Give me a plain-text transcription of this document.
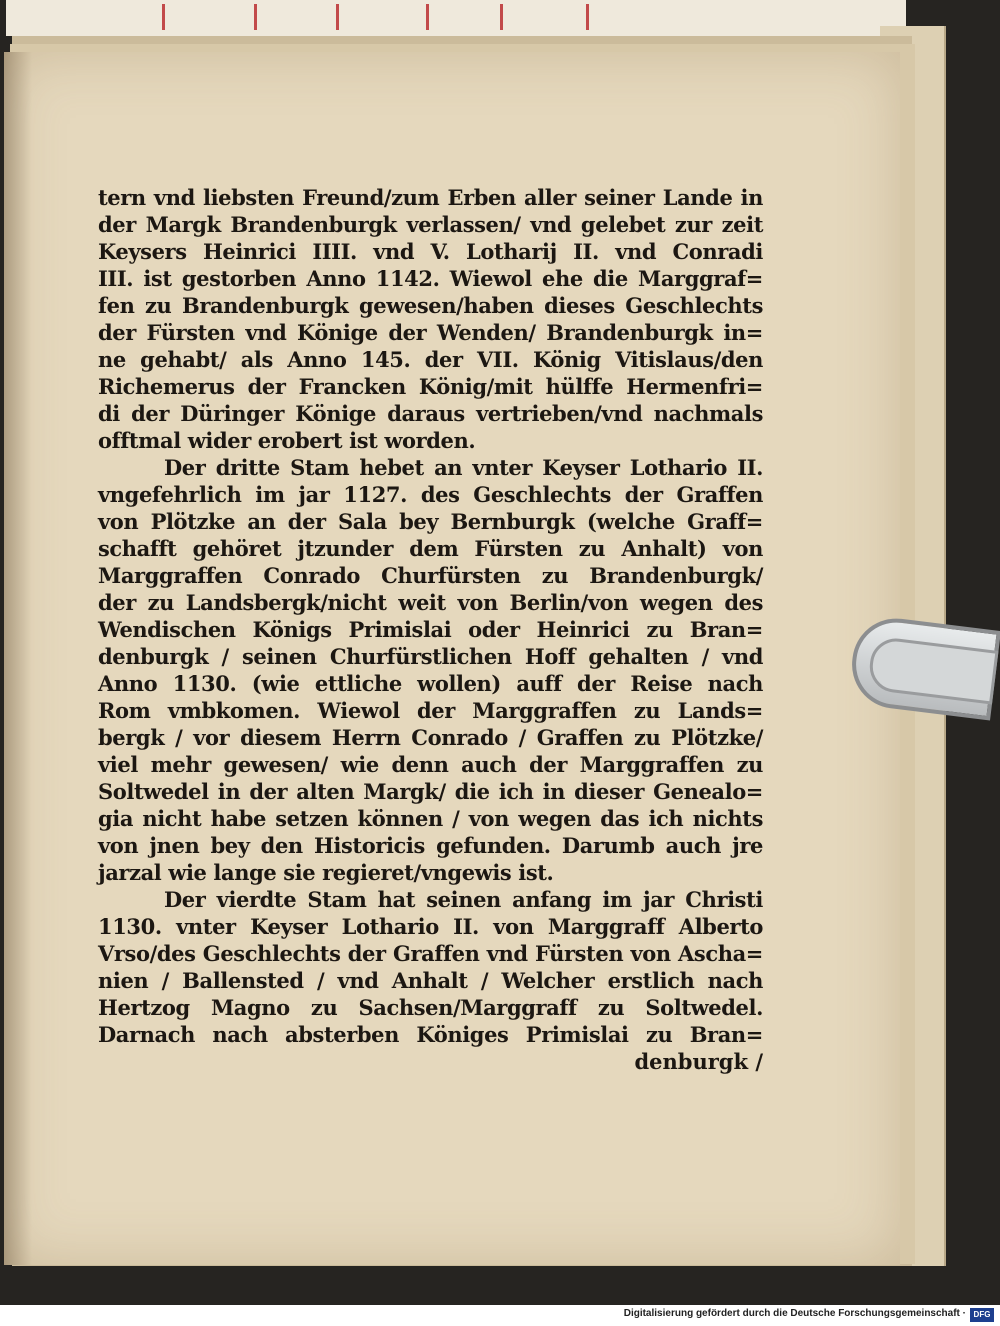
tern vnd liebsten Freund/zum Erben aller seiner Lande in
der Margk Brandenburgk verlassen/ vnd gelebet zur zeit
Keysers Heinrici IIII. vnd V. Lotharij II. vnd Conradi
III. ist gestorben Anno 1142. Wiewol ehe die Marggraf=
fen zu Brandenburgk gewesen/haben dieses Geschlechts
der Fürsten vnd Könige der Wenden/ Brandenburgk in=
ne gehabt/ als Anno 145. der VII. König Vitislaus/den
Richemerus der Francken König/mit hülffe Hermenfri=
di der Düringer Könige daraus vertrieben/vnd nachmals
offtmal wider erobert ist worden.
Der dritte Stam hebet an vnter Keyser Lothario II.
vngefehrlich im jar 1127. des Geschlechts der Graffen
von Plötzke an der Sala bey Bernburgk (welche Graff=
schafft gehöret jtzunder dem Fürsten zu Anhalt) von
Marggraffen Conrado Churfürsten zu Brandenburgk/
der zu Landsbergk/nicht weit von Berlin/von wegen des
Wendischen Königs Primislai oder Heinrici zu Bran=
denburgk / seinen Churfürstlichen Hoff gehalten / vnd
Anno 1130. (wie ettliche wollen) auff der Reise nach
Rom vmbkomen. Wiewol der Marggraffen zu Lands=
bergk / vor diesem Herrn Conrado / Graffen zu Plötzke/
viel mehr gewesen/ wie denn auch der Marggraffen zu
Soltwedel in der alten Margk/ die ich in dieser Genealo=
gia nicht habe setzen können / von wegen das ich nichts
von jnen bey den Historicis gefunden. Darumb auch jre
jarzal wie lange sie regieret/vngewis ist.
Der vierdte Stam hat seinen anfang im jar Christi
1130. vnter Keyser Lothario II. von Marggraff Alberto
Vrso/des Geschlechts der Graffen vnd Fürsten von Ascha=
nien / Ballensted / vnd Anhalt / Welcher erstlich nach
Hertzog Magno zu Sachsen/Marggraff zu Soltwedel.
Darnach nach absterben Königes Primislai zu Bran=
denburgk /
Digitalisierung gefördert durch die Deutsche Forschungsgemeinschaft · DFG
